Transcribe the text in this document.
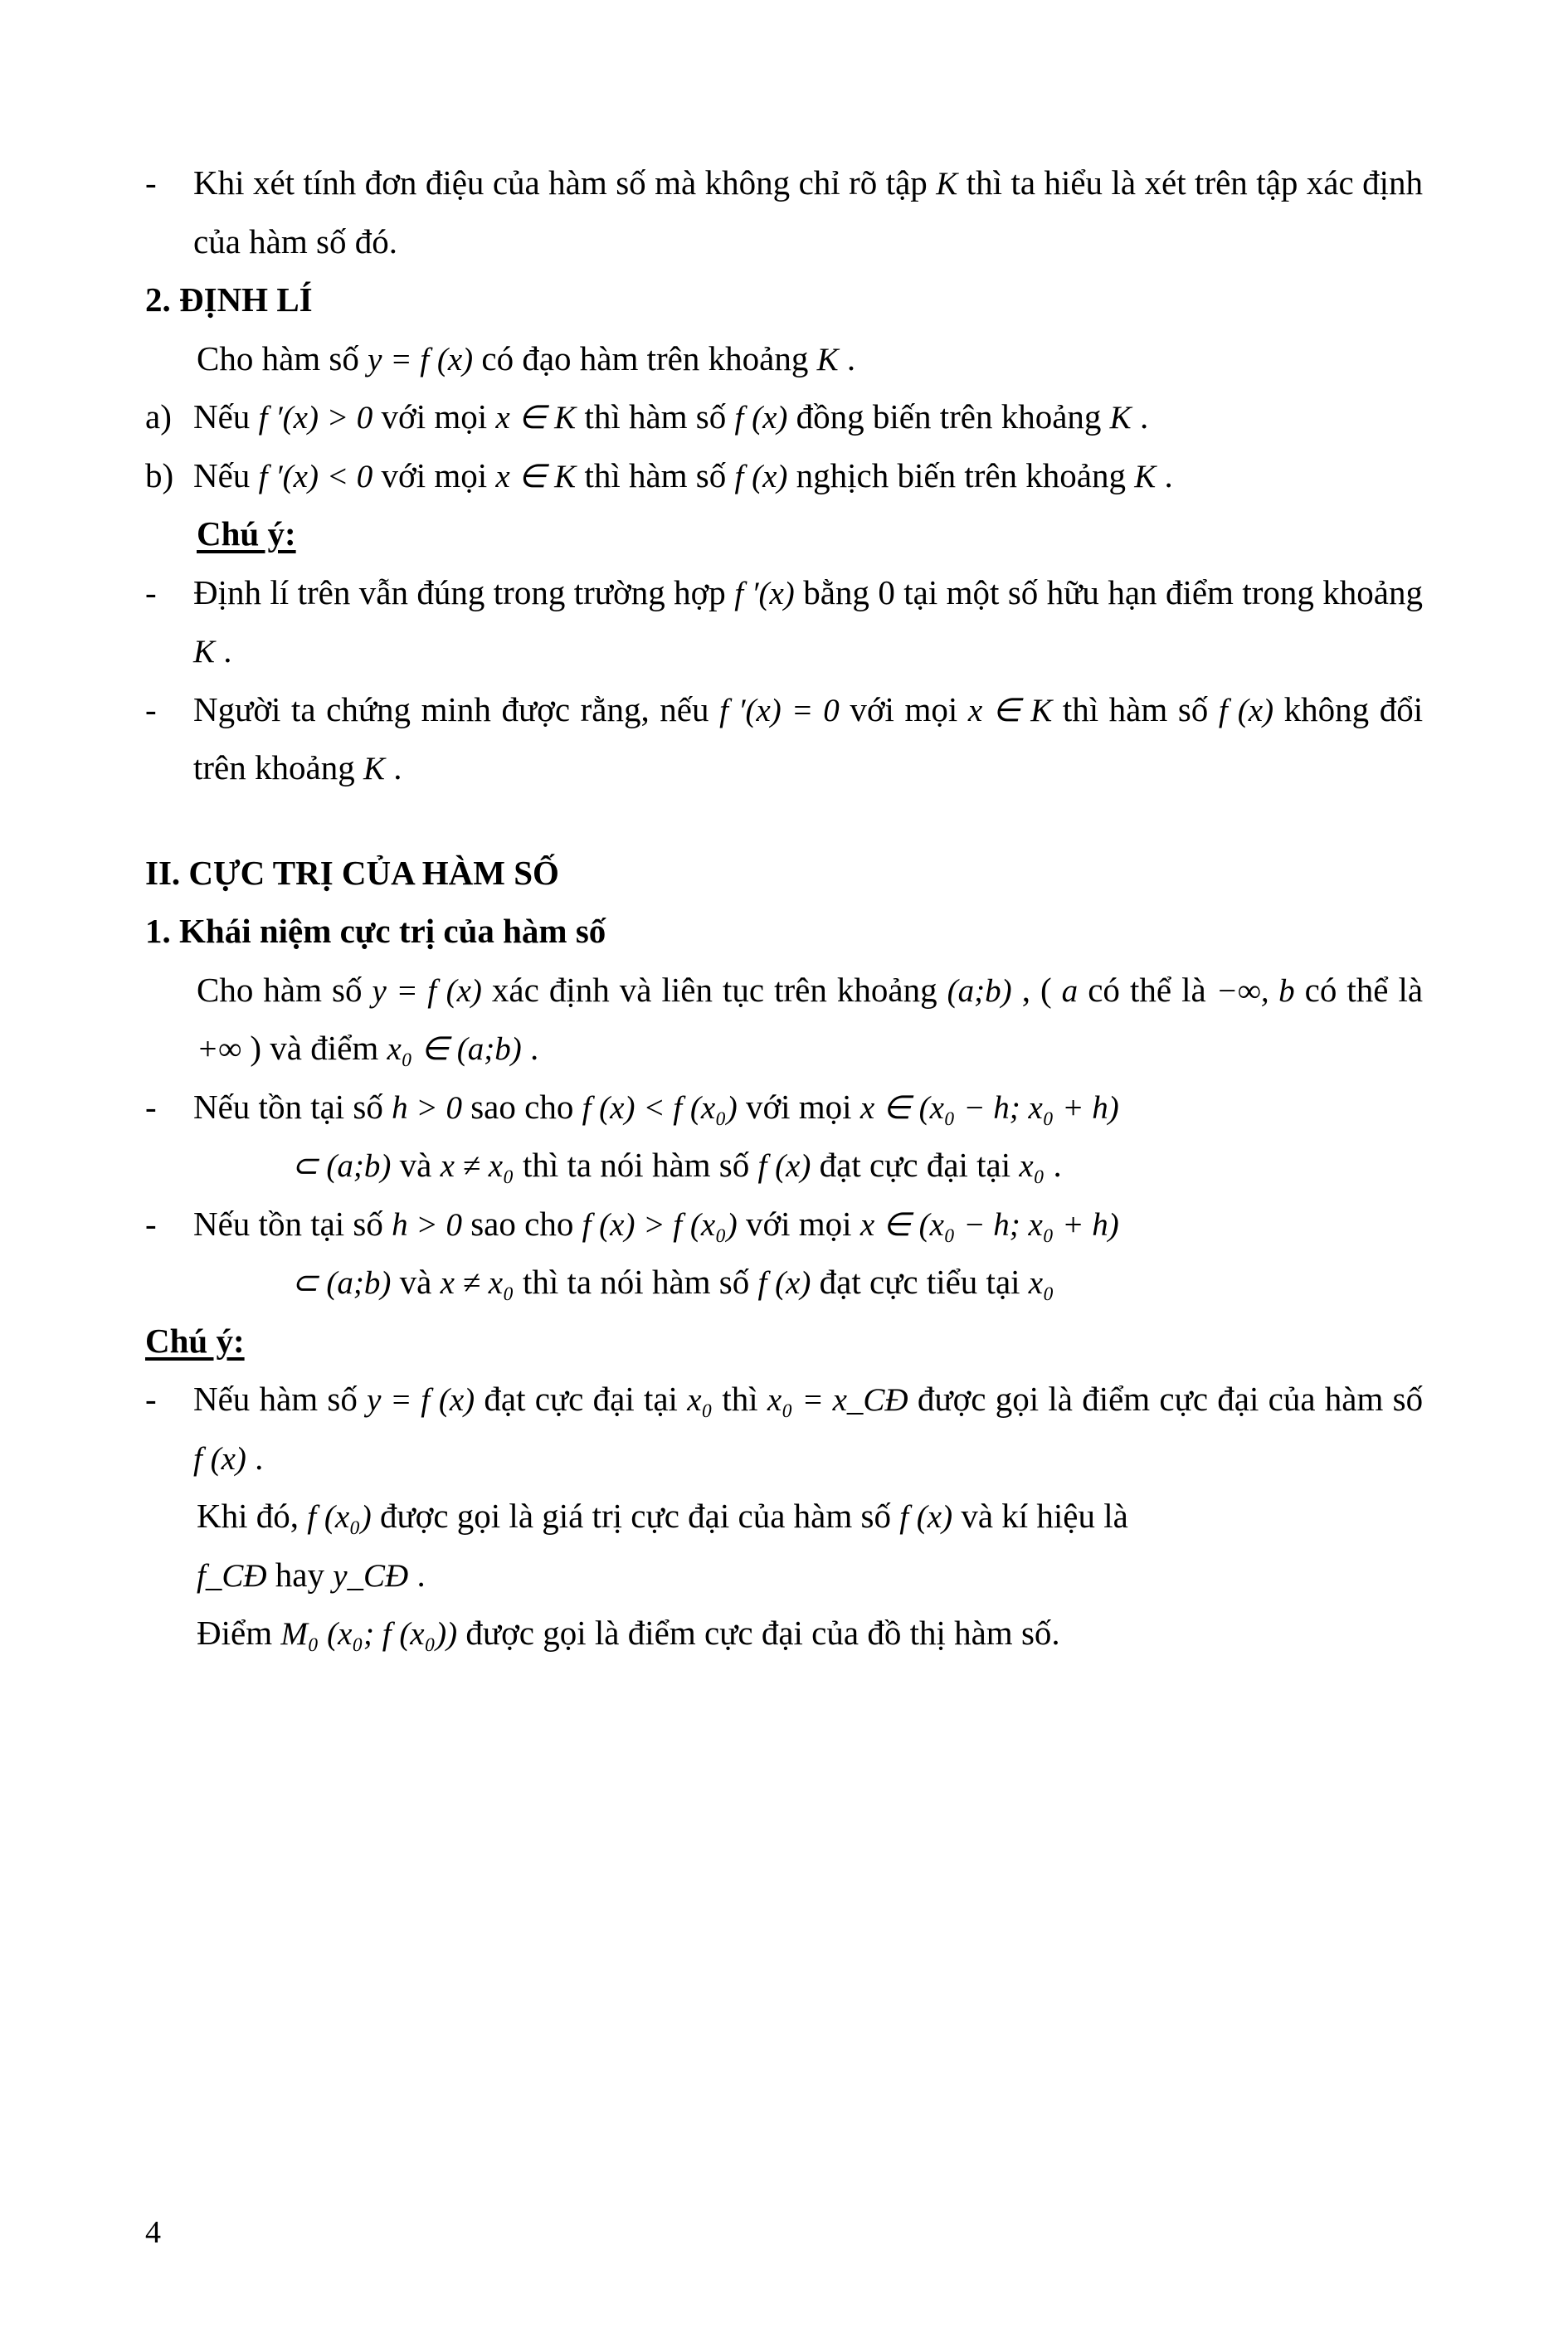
-	Khi xét tính đơn điệu của hàm số mà không chỉ rõ tập K thì ta hiểu là xét trên tập xác định của hàm số đó.
2. ĐỊNH LÍ
Cho hàm số y = f (x) có đạo hàm trên khoảng K .
a) Nếu f ′(x) > 0 với mọi x ∈ K thì hàm số f (x) đồng biến trên khoảng K .
b) Nếu f ′(x) < 0 với mọi x ∈ K thì hàm số f (x) nghịch biến trên khoảng K .
Chú ý:
-	Định lí trên vẫn đúng trong trường hợp f ′(x) bằng 0 tại một số hữu hạn điểm trong khoảng K .
-	Người ta chứng minh được rằng, nếu f ′(x) = 0 với mọi x ∈ K thì hàm số f (x) không đổi trên khoảng K .
II. CỰC TRỊ CỦA HÀM SỐ
1. Khái niệm cực trị của hàm số
Cho hàm số y = f (x) xác định và liên tục trên khoảng (a;b) , ( a có thể là −∞, b có thể là +∞ ) và điểm x₀ ∈ (a;b) .
-	Nếu tồn tại số h > 0 sao cho f (x) < f (x₀) với mọi x ∈ (x₀ − h; x₀ + h)
⊂ (a;b) và x ≠ x₀ thì ta nói hàm số f (x) đạt cực đại tại x₀ .
-	Nếu tồn tại số h > 0 sao cho f (x) > f (x₀) với mọi x ∈ (x₀ − h; x₀ + h)
⊂ (a;b) và x ≠ x₀ thì ta nói hàm số f (x) đạt cực tiểu tại x₀
Chú ý:
-	Nếu hàm số y = f (x) đạt cực đại tại x₀ thì x₀ = x_CĐ được gọi là điểm cực đại của hàm số f (x) .
Khi đó, f (x₀) được gọi là giá trị cực đại của hàm số f (x) và kí hiệu là
f_CĐ hay y_CĐ .
Điểm M₀ (x₀; f (x₀)) được gọi là điểm cực đại của đồ thị hàm số.
4
